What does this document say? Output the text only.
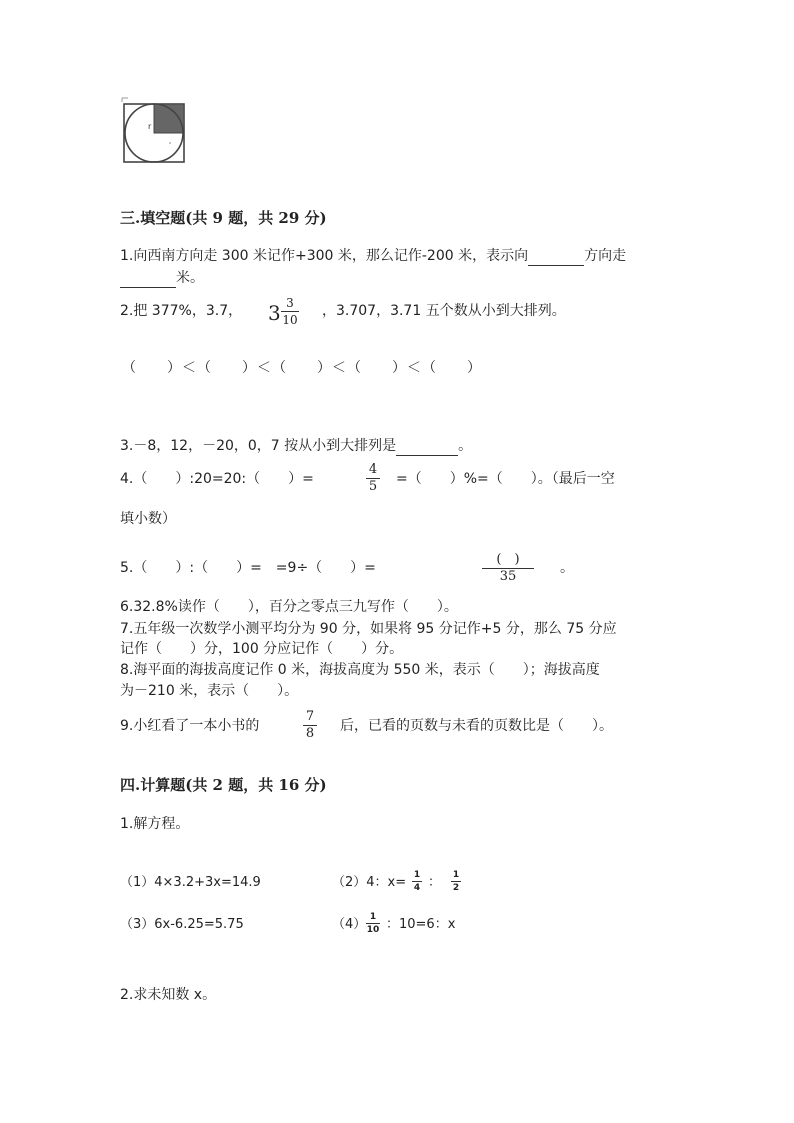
r
,
三.填空题(共 9 题，共 29 分)
1.向西南方向走 300 米记作+300 米，那么记作-200 米，表示向	方向走
米。
2.把 377%，3.7， 3 3
10
，3.707，3.71 五个数从小到大排列。
（　　）＜（　　）＜（　　）＜（　　）＜（　　）
3.－8，12，－20，0，7 按从小到大排列是	。
4.（　　）:20=20:（　　）=
4
5 =（　　）%=（　　）。（最后一空
填小数）
5.（　　）:（　　）=　=9÷（　　）=
(　)
35
。
6.32.8%读作（　　），百分之零点三九写作（　　）。
7.五年级一次数学小测平均分为 90 分，如果将 95 分记作+5 分，那么 75 分应
记作（　　）分，100 分应记作（　　）分。
8.海平面的海拔高度记作 0 米，海拔高度为 550 米，表示（　　）；海拔高度
为－210 米，表示（　　）。
9.小红看了一本小书的
7
8 后，已看的页数与未看的页数比是（　　）。
四.计算题(共 2 题，共 16 分)
1.解方程。
（1）4×3.2+3x=14.9	（2）4：x= 1
4 ： 1
2
（3）6x-6.25=5.75	（4） 1
10 ：10=6：x
2.求未知数 x。
